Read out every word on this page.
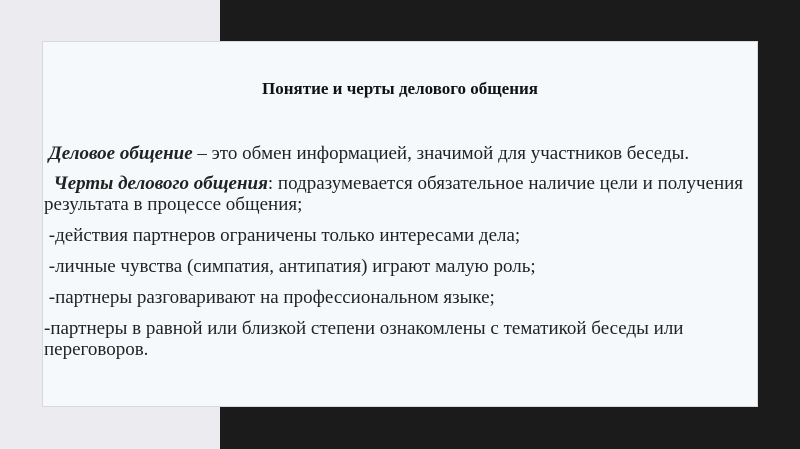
Понятие и черты делового общения
Деловое общение – это обмен информацией, значимой для участников беседы.
Черты делового общения: подразумевается обязательное наличие цели и получения результата в процессе общения;
-действия партнеров ограничены только интересами дела;
-личные чувства (симпатия, антипатия) играют малую роль;
-партнеры разговаривают на профессиональном языке;
-партнеры в равной или близкой степени ознакомлены с тематикой беседы или переговоров.
